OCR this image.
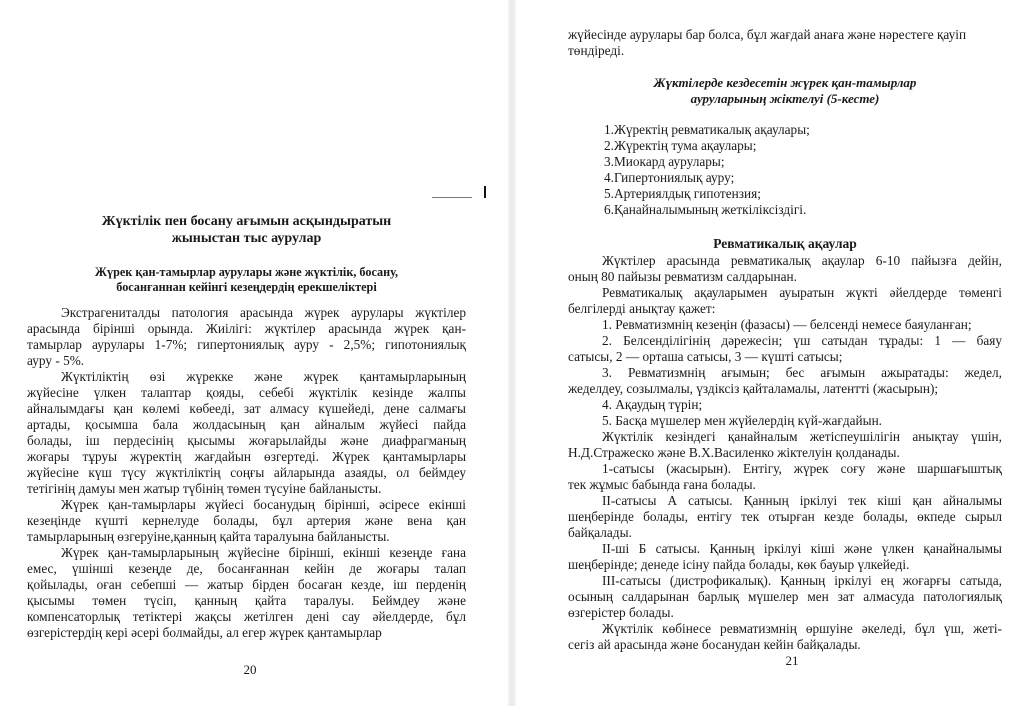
Жүктілік пен босану ағымын асқындыратын

жыныстан тыс аурулар

Жүрек қан-тамырлар аурулары және жүктілік, босану,

босанғаннан кейінгі кезеңдердің ерекшеліктері

Экстрагениталды патология арасында жүрек аурулары жүктілер

арасында бірінші орында. Жиілігі: жүктілер арасында жүрек қан-

тамырлар аурулары 1-7%; гипертониялық ауру - 2,5%; гипотониялық

ауру - 5%.

Жүктіліктің өзі жүрекке және жүрек қантамырларының

жүйесіне үлкен талаптар қояды, себебі жүктілік кезінде жалпы

айналымдағы қан көлемі көбееді, зат алмасу күшейеді, дене салмағы

артады, қосымша бала жолдасының қан айналым жүйесі пайда

болады, іш пердесінің қысымы жоғарылайды және диафрагманың

жоғары тұруы жүректің жағдайын өзгертеді. Жүрек қантамырлары

жүйесіне күш түсу жүктіліктің соңғы айларында азаяды, ол беймдеу

тетігінің дамуы мен жатыр түбінің төмен түсуіне байланысты.

Жүрек қан-тамырлары жүйесі босанудың бірінші, әсіресе екінші

кезеңінде күшті кернелуде болады, бұл артерия және вена қан

тамырларының өзгеруіне,қанның қайта таралуына байланысты.

Жүрек қан-тамырларының жүйесіне бірінші, екінші кезеңде ғана

емес, үшінші кезеңде де, босанғаннан кейін де жоғары талап

қойылады, оған себепші — жатыр бірден босаған кезде, іш перденің

қысымы төмен түсіп, қанның қайта таралуы. Беймдеу және

компенсаторлық тетіктері жақсы жетілген дені сау әйелдерде, бұл

өзгерістердің кері әсері болмайды, ал егер жүрек қантамырлар

20

жүйесінде аурулары бар болса, бұл жағдай анаға және нәрестеге қауіп

төндіреді.

Жүктілерде кездесетін жүрек қан-тамырлар

ауруларының жіктелуі (5-кесте)

1.Жүректің ревматикалық ақаулары;

2.Жүректің тума ақаулары;

3.Миокард аурулары;

4.Гипертониялық ауру;

5.Артериялдық гипотензия;

6.Қанайналымының жеткіліксіздігі.

Ревматикалық ақаулар

Жүктілер арасында ревматикалық ақаулар 6-10 пайызға дейін,

оның 80 пайызы ревматизм салдарынан.

Ревматикалық ақауларымен ауыратын жүкті әйелдерде төменгі

белгілерді анықтау қажет:

1. Ревматизмнің кезеңін (фазасы) — белсенді немесе баяуланған;

2. Белсенділігінің дәрежесін; үш сатыдан тұрады: 1 — баяу

сатысы, 2 — орташа сатысы, 3 — күшті сатысы;

3. Ревматизмнің ағымын; бес ағымын ажыратады: жедел,

жеделдеу, созылмалы, үздіксіз қайталамалы, латентті (жасырын);

4. Ақаудың түрін;

5. Басқа мүшелер мен жүйелердің күй-жағдайын.

Жүктілік кезіндегі қанайналым жетіспеушілігін анықтау үшін,

Н.Д.Стражеско және В.Х.Василенко жіктелуін қолданады.

1-сатысы (жасырын). Ентігу, жүрек соғу және шаршағыштық

тек жұмыс бабында ғана болады.

ІІ-сатысы А сатысы. Қанның іркілуі тек кіші қан айналымы

шеңберінде болады, ентігу тек отырған кезде болады, өкпеде сырыл

байқалады.

ІІ-ші Б сатысы. Қанның іркілуі кіші және үлкен қанайналымы

шеңберінде; денеде ісіну пайда болады, көк бауыр үлкейеді.

ІІІ-сатысы (дистрофикалық). Қанның іркілуі ең жоғарғы сатыда,

осының салдарынан барлық мүшелер мен зат алмасуда патологиялық

өзгерістер болады.

Жүктілік көбінесе ревматизмнің өршуіне әкеледі, бұл үш, жеті-

сегіз ай арасында және босанудан кейін байқалады.

21
